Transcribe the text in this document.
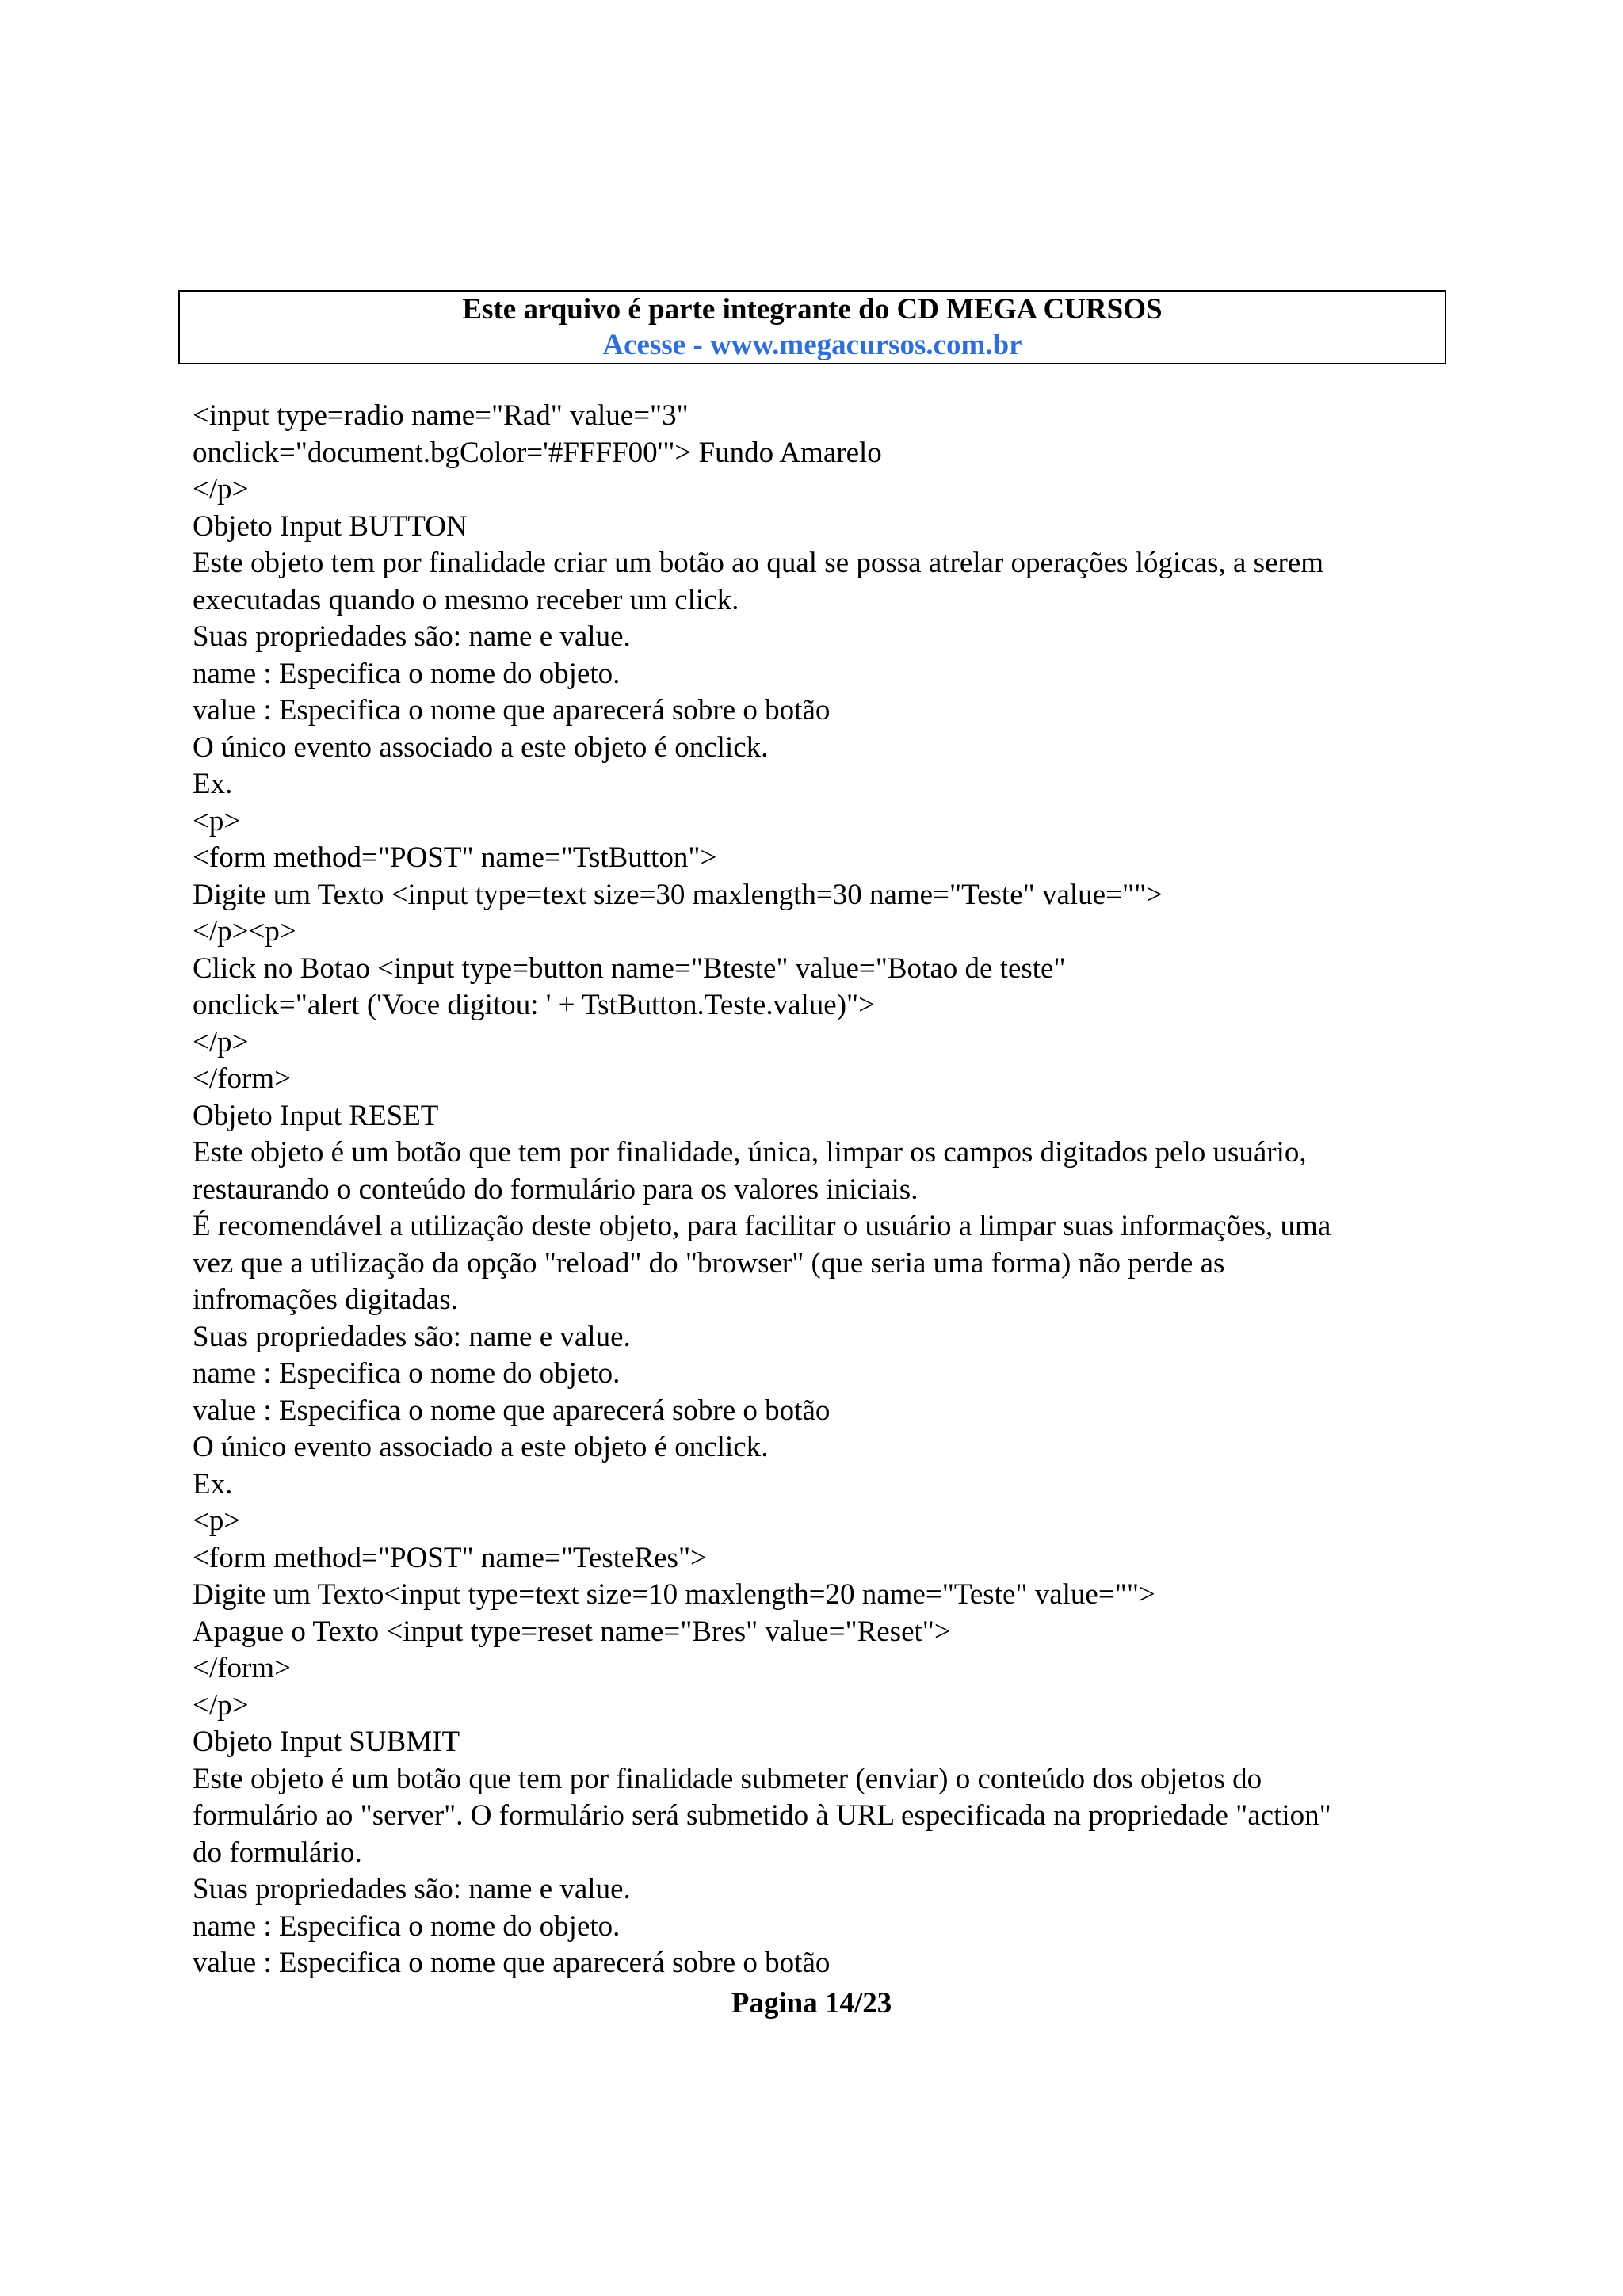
Este arquivo é parte integrante do CD MEGA CURSOS
Acesse - www.megacursos.com.br
<input type=radio name="Rad" value="3"
onclick="document.bgColor='#FFFF00'"> Fundo Amarelo
</p>
Objeto Input BUTTON
Este objeto tem por finalidade criar um botão ao qual se possa atrelar operações lógicas, a serem
executadas quando o mesmo receber um click.
Suas propriedades são: name e value.
name : Especifica o nome do objeto.
value : Especifica o nome que aparecerá sobre o botão
O único evento associado a este objeto é onclick.
Ex.
<p>
<form method="POST" name="TstButton">
Digite um Texto <input type=text size=30 maxlength=30 name="Teste" value="">
</p><p>
Click no Botao <input type=button name="Bteste" value="Botao de teste"
onclick="alert ('Voce digitou: ' + TstButton.Teste.value)">
</p>
</form>
Objeto Input RESET
Este objeto é um botão que tem por finalidade, única, limpar os campos digitados pelo usuário,
restaurando o conteúdo do formulário para os valores iniciais.
É recomendável a utilização deste objeto, para facilitar o usuário a limpar suas informações, uma
vez que a utilização da opção "reload" do "browser" (que seria uma forma) não perde as
infromações digitadas.
Suas propriedades são: name e value.
name : Especifica o nome do objeto.
value : Especifica o nome que aparecerá sobre o botão
O único evento associado a este objeto é onclick.
Ex.
<p>
<form method="POST" name="TesteRes">
Digite um Texto<input type=text size=10 maxlength=20 name="Teste" value="">
Apague o Texto <input type=reset name="Bres" value="Reset">
</form>
</p>
Objeto Input SUBMIT
Este objeto é um botão que tem por finalidade submeter (enviar) o conteúdo dos objetos do
formulário ao "server". O formulário será submetido à URL especificada na propriedade "action"
do formulário.
Suas propriedades são: name e value.
name : Especifica o nome do objeto.
value : Especifica o nome que aparecerá sobre o botão
Pagina 14/23
